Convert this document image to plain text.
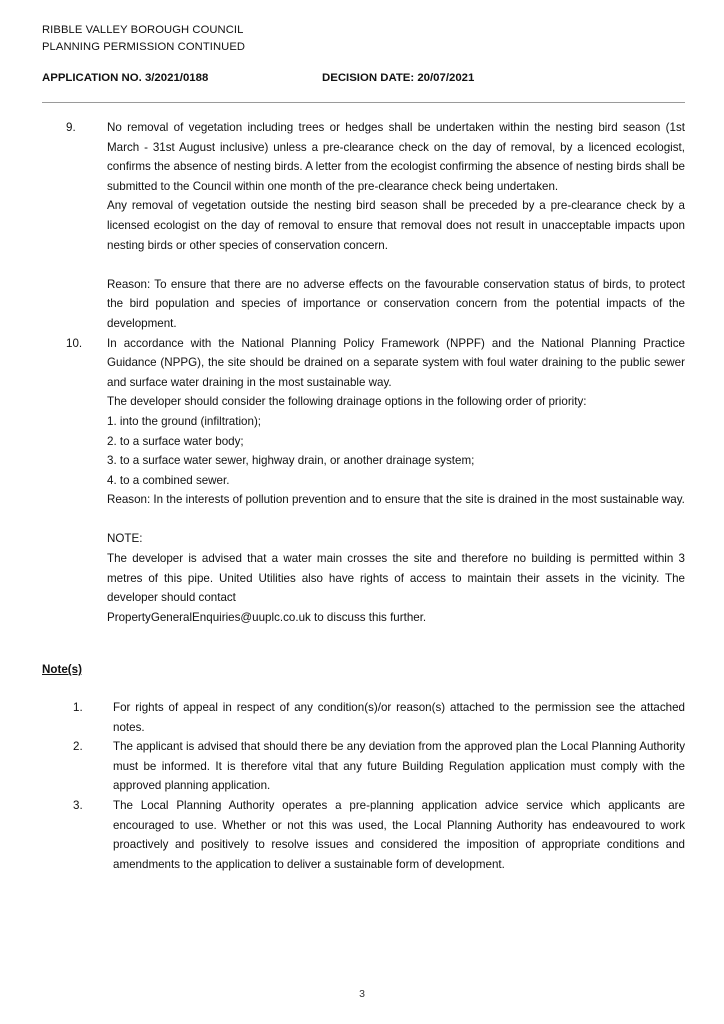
RIBBLE VALLEY BOROUGH COUNCIL
PLANNING PERMISSION CONTINUED
APPLICATION NO. 3/2021/0188	DECISION DATE: 20/07/2021
9.	No removal of vegetation including trees or hedges shall be undertaken within the nesting bird season (1st March - 31st August inclusive) unless a pre-clearance check on the day of removal, by a licenced ecologist, confirms the absence of nesting birds. A letter from the ecologist confirming the absence of nesting birds shall be submitted to the Council within one month of the pre-clearance check being undertaken.

Any removal of vegetation outside the nesting bird season shall be preceded by a pre-clearance check by a licensed ecologist on the day of removal to ensure that removal does not result in unacceptable impacts upon nesting birds or other species of conservation concern.

Reason: To ensure that there are no adverse effects on the favourable conservation status of birds, to protect the bird population and species of importance or conservation concern from the potential impacts of the development.

10.	In accordance with the National Planning Policy Framework (NPPF) and the National Planning Practice Guidance (NPPG), the site should be drained on a separate system with foul water draining to the public sewer and surface water draining in the most sustainable way.

The developer should consider the following drainage options in the following order of priority:

1. into the ground (infiltration);

2. to a surface water body;

3. to a surface water sewer, highway drain, or another drainage system;

4. to a combined sewer.

Reason: In the interests of pollution prevention and to ensure that the site is drained in the most sustainable way.

NOTE:

The developer is advised that a water main crosses the site and therefore no building is permitted within 3 metres of this pipe. United Utilities also have rights of access to maintain their assets in the vicinity. The developer should contact

PropertyGeneralEnquiries@uuplc.co.uk to discuss this further.

Note(s)
1.	For rights of appeal in respect of any condition(s)/or reason(s) attached to the permission see the attached notes.

2.	The applicant is advised that should there be any deviation from the approved plan the Local Planning Authority must be informed. It is therefore vital that any future Building Regulation application must comply with the approved planning application.

3.	The Local Planning Authority operates a pre-planning application advice service which applicants are encouraged to use. Whether or not this was used, the Local Planning Authority has endeavoured to work proactively and positively to resolve issues and considered the imposition of appropriate conditions and amendments to the application to deliver a sustainable form of development.

3
